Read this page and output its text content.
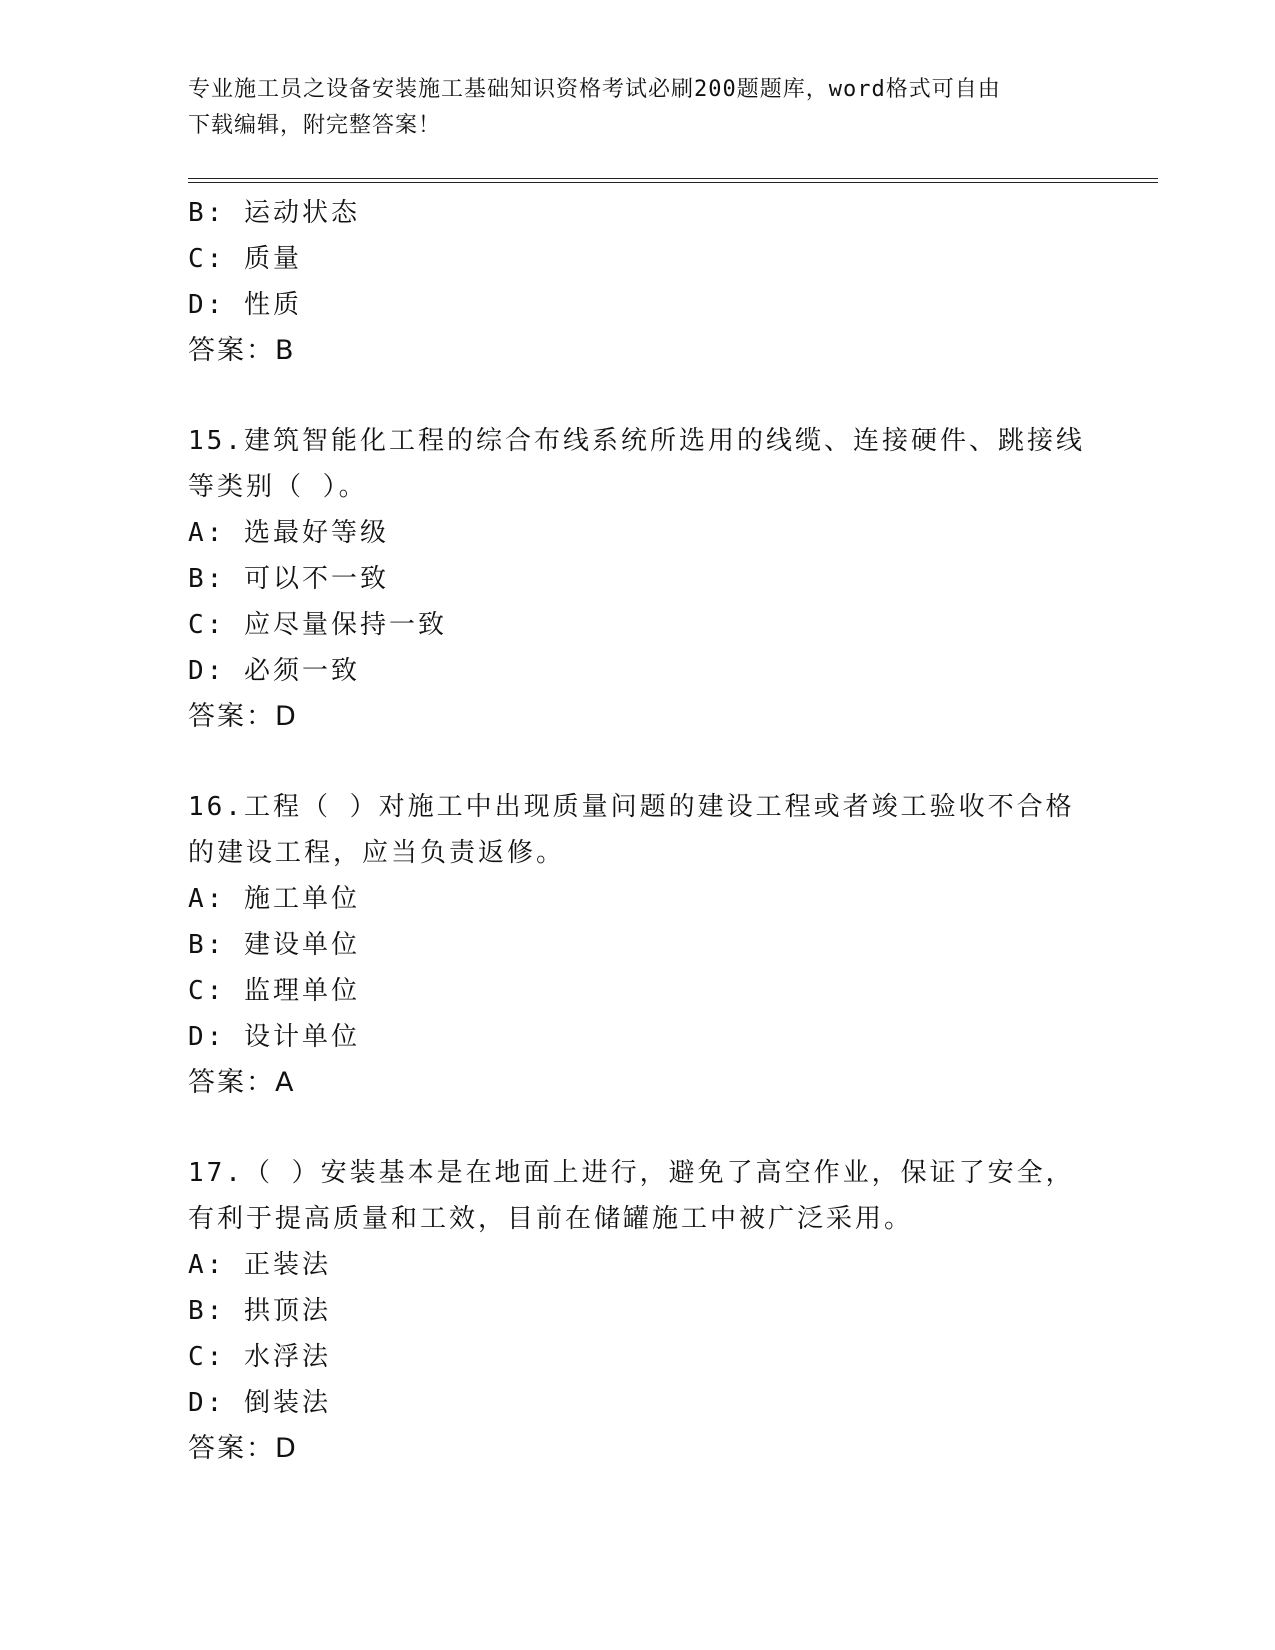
专业施工员之设备安装施工基础知识资格考试必刷200题题库，word格式可自由
下载编辑，附完整答案！
B: 运动状态
C: 质量
D: 性质
答案：B
15.建筑智能化工程的综合布线系统所选用的线缆、连接硬件、跳接线
等类别（ ）。
A: 选最好等级
B: 可以不一致
C: 应尽量保持一致
D: 必须一致
答案：D
16.工程（ ）对施工中出现质量问题的建设工程或者竣工验收不合格
的建设工程，应当负责返修。
A: 施工单位
B: 建设单位
C: 监理单位
D: 设计单位
答案：A
17.（ ）安装基本是在地面上进行，避免了高空作业，保证了安全，
有利于提高质量和工效，目前在储罐施工中被广泛采用。
A: 正装法
B: 拱顶法
C: 水浮法
D: 倒装法
答案：D
